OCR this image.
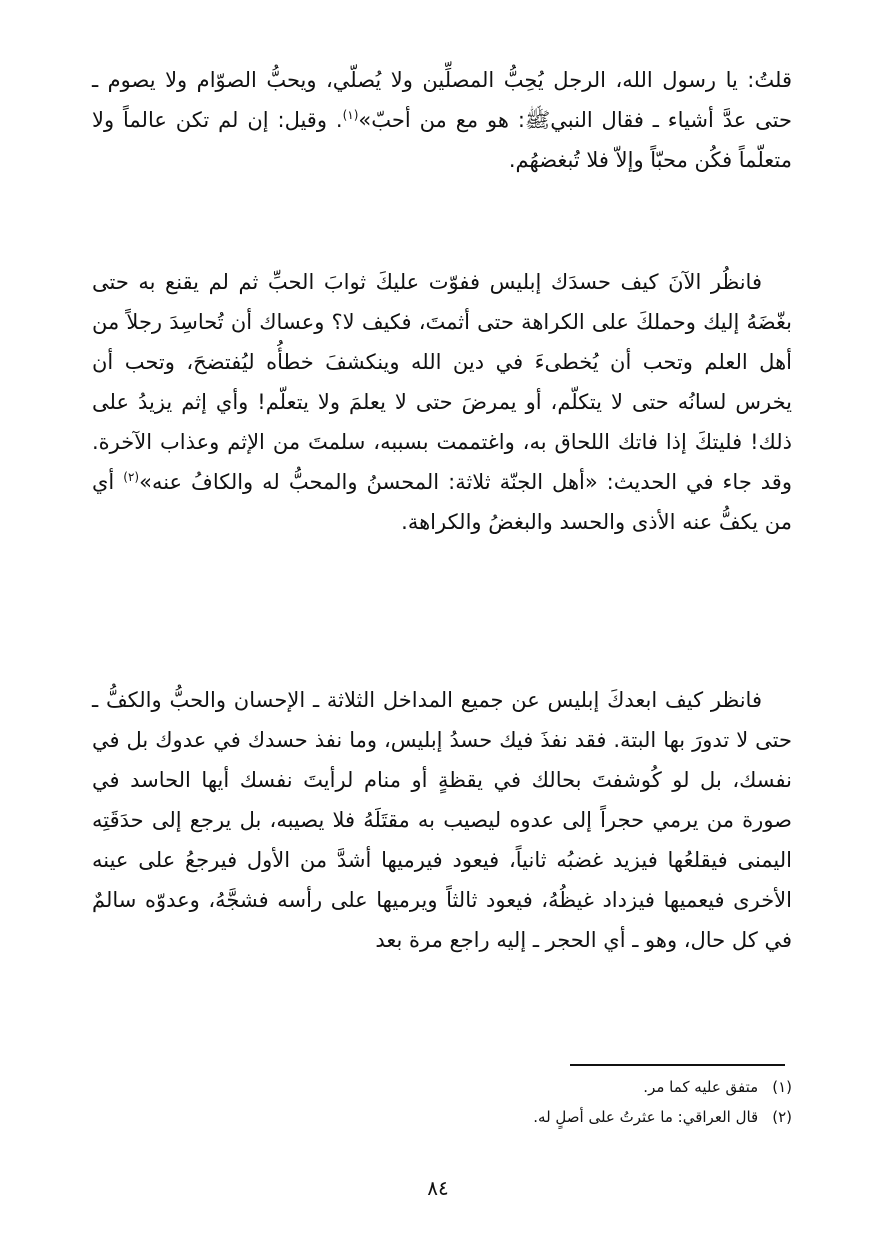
قلتُ: يا رسول الله، الرجل يُحِبُّ المصلِّين ولا يُصلّي، ويحبُّ الصوّام ولا يصوم ـ حتى عدَّ أشياء ـ فقال النبيﷺ: هو مع من أحبّ»$^{(١)}$. وقيل: إن لم تكن عالماً ولا متعلّماً فكُن محبّاً وإلاّ فلا تُبغضهُم.

فانظُر الآنَ كيف حسدَك إبليس ففوّت عليكَ ثوابَ الحبِّ ثم لم يقنع به حتى بغّضَهُ إليك وحملكَ على الكراهة حتى أثمتَ، فكيف لا؟ وعساك أن تُحاسِدَ رجلاً من أهل العلم وتحب أن يُخطىءَ في دين الله وينكشفَ خطأُه ليُفتضحَ، وتحب أن يخرس لسانُه حتى لا يتكلّم، أو يمرضَ حتى لا يعلمَ ولا يتعلّم! وأي إثم يزيدُ على ذلك! فليتكَ إذا فاتك اللحاق به، واغتممت بسببه، سلمتَ من الإثم وعذاب الآخرة. وقد جاء في الحديث: «أهل الجنّة ثلاثة: المحسنُ والمحبُّ له والكافُ عنه»$^{(٢)}$ أي من يكفُّ عنه الأذى والحسد والبغضُ والكراهة.

فانظر كيف ابعدكَ إبليس عن جميع المداخل الثلاثة ـ الإحسان والحبُّ والكفُّ ـ حتى لا تدورَ بها البتة. فقد نفذَ فيك حسدُ إبليس، وما نفذ حسدك في عدوك بل في نفسك، بل لو كُوشفتَ بحالك في يقظةٍ أو منام لرأيتَ نفسك أيها الحاسد في صورة من يرمي حجراً إلى عدوه ليصيب به مقتَلَهُ فلا يصيبه، بل يرجع إلى حدَقَتِه اليمنى فيقلعُها فيزيد غضبُه ثانياً، فيعود فيرميها أشدَّ من الأول فيرجعُ على عينه الأخرى فيعميها فيزداد غيظُهُ، فيعود ثالثاً ويرميها على رأسه فشجَّهُ، وعدوّه سالمٌ في كل حال، وهو ـ أي الحجر ـ إليه راجع مرة بعد

(١)متفق عليه كما مر.
(٢)قال العراقي: ما عثرتُ على أصلٍ له.
٨٤
